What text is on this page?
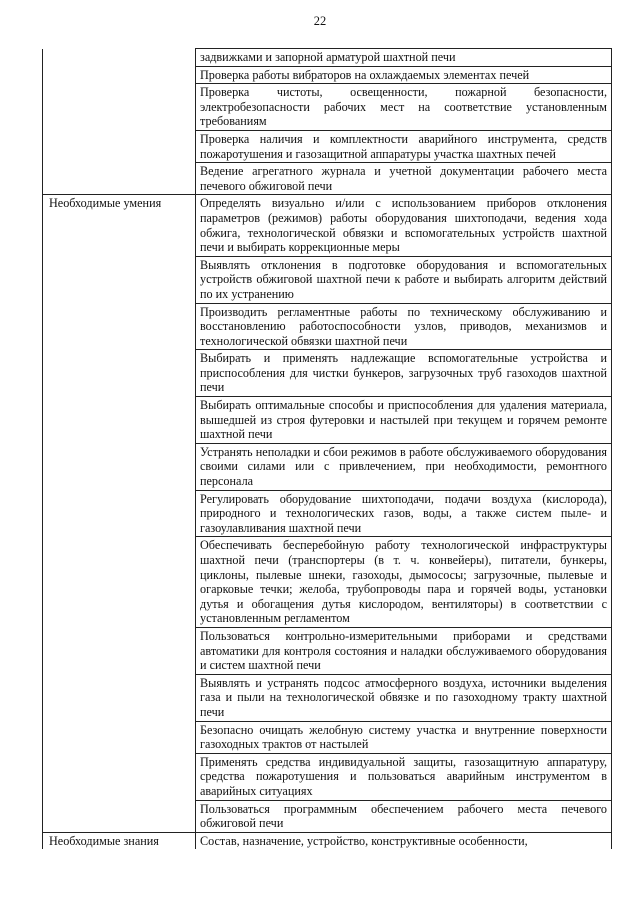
22
	задвижками и запорной арматурой шахтной печи
	Проверка работы вибраторов на охлаждаемых элементах печей
	Проверка чистоты, освещенности, пожарной безопасности, электробезопасности рабочих мест на соответствие установленным требованиям
	Проверка наличия и комплектности аварийного инструмента, средств пожаротушения и газозащитной аппаратуры участка шахтных печей
	Ведение агрегатного журнала и учетной документации рабочего места печевого обжиговой печи
Необходимые умения	Определять визуально и/или с использованием приборов отклонения параметров (режимов) работы оборудования шихтоподачи, ведения хода обжига, технологической обвязки и вспомогательных устройств шахтной печи и выбирать коррекционные меры
	Выявлять отклонения в подготовке оборудования и вспомогательных устройств обжиговой шахтной печи к работе и выбирать алгоритм действий по их устранению
	Производить регламентные работы по техническому обслуживанию и восстановлению работоспособности узлов, приводов, механизмов и технологической обвязки шахтной печи
	Выбирать и применять надлежащие вспомогательные устройства и приспособления для чистки бункеров, загрузочных труб газоходов шахтной печи
	Выбирать оптимальные способы и приспособления для удаления материала, вышедшей из строя футеровки и настылей при текущем и горячем ремонте шахтной печи
	Устранять неполадки и сбои режимов в работе обслуживаемого оборудования своими силами или с привлечением, при необходимости, ремонтного персонала
	Регулировать оборудование шихтоподачи, подачи воздуха (кислорода), природного и технологических газов, воды, а также систем пыле- и газоулавливания шахтной печи
	Обеспечивать бесперебойную работу технологической инфраструктуры шахтной печи (транспортеры (в т. ч. конвейеры), питатели, бункеры, циклоны, пылевые шнеки, газоходы, дымососы; загрузочные, пылевые и огарковые течки; желоба, трубопроводы пара и горячей воды, установки дутья и обогащения дутья кислородом, вентиляторы) в соответствии с установленным регламентом
	Пользоваться контрольно-измерительными приборами и средствами автоматики для контроля состояния и наладки обслуживаемого оборудования и систем шахтной печи
	Выявлять и устранять подсос атмосферного воздуха, источники выделения газа и пыли на технологической обвязке и по газоходному тракту шахтной печи
	Безопасно очищать желобную систему участка и внутренние поверхности газоходных трактов от настылей
	Применять средства индивидуальной защиты, газозащитную аппаратуру, средства пожаротушения и пользоваться аварийным инструментом в аварийных ситуациях
	Пользоваться программным обеспечением рабочего места печевого обжиговой печи
Необходимые знания	Состав, назначение, устройство, конструктивные особенности,
